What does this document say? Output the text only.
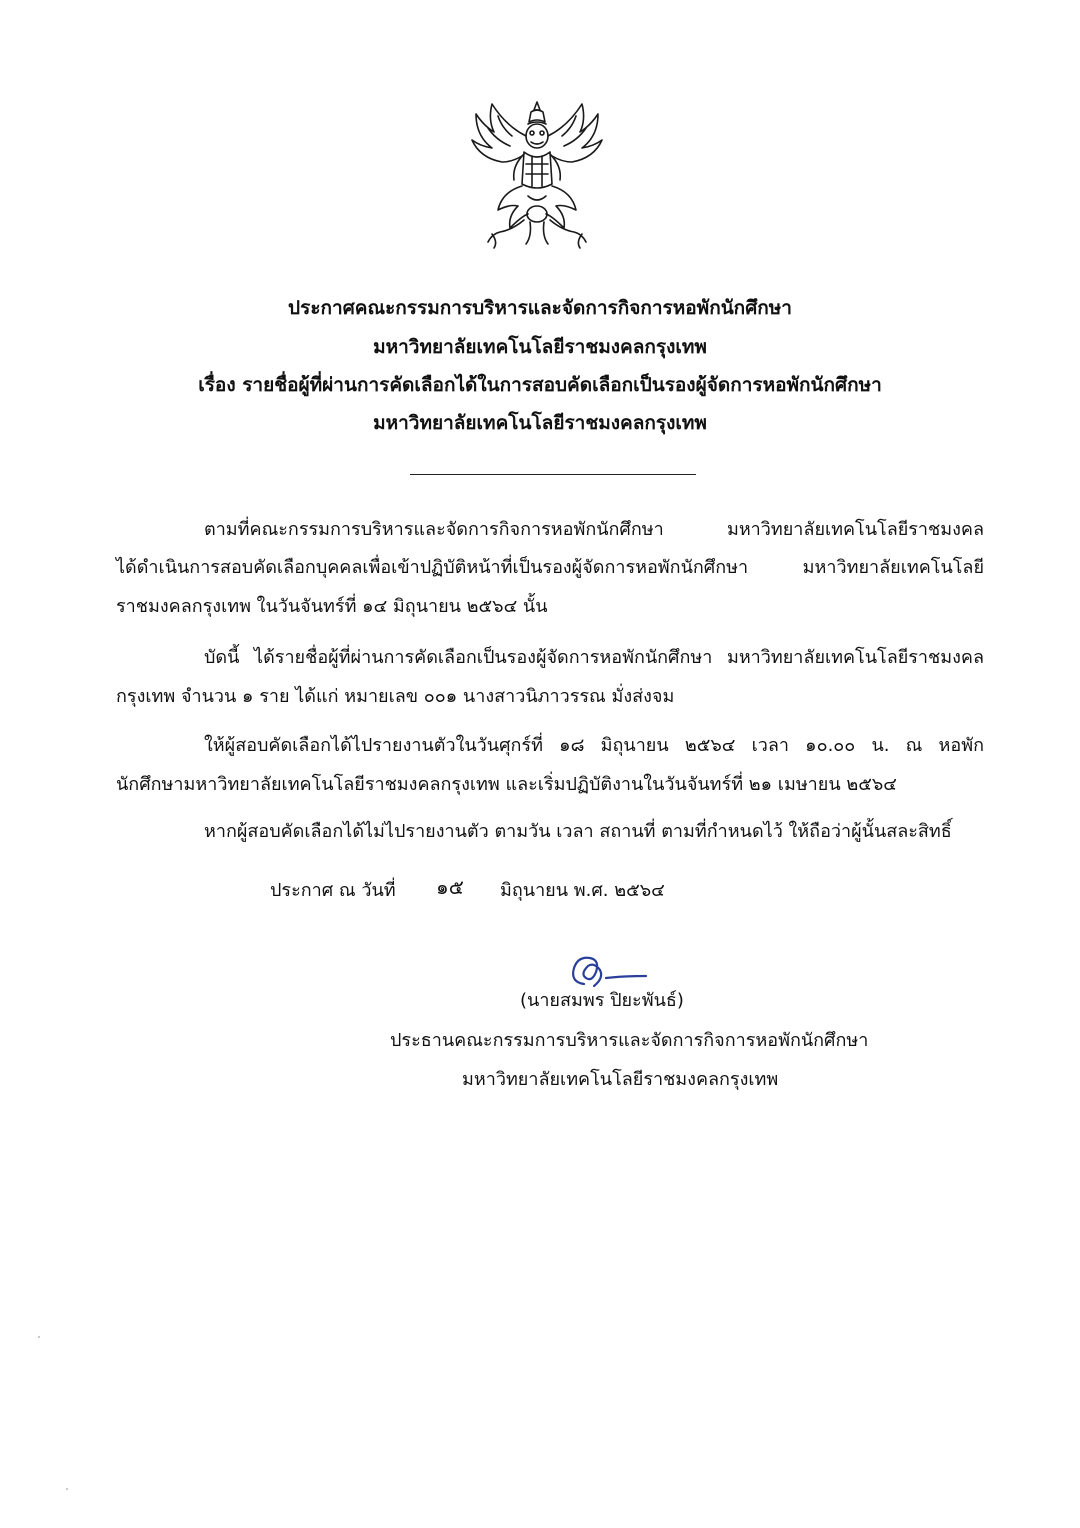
ประกาศคณะกรรมการบริหารและจัดการกิจการหอพักนักศึกษา
มหาวิทยาลัยเทคโนโลยีราชมงคลกรุงเทพ
เรื่อง รายชื่อผู้ที่ผ่านการคัดเลือกได้ในการสอบคัดเลือกเป็นรองผู้จัดการหอพักนักศึกษา
มหาวิทยาลัยเทคโนโลยีราชมงคลกรุงเทพ
ตามที่คณะกรรมการบริหารและจัดการกิจการหอพักนักศึกษา มหาวิทยาลัยเทคโนโลยีราชมงคล
ได้ดำเนินการสอบคัดเลือกบุคคลเพื่อเข้าปฏิบัติหน้าที่เป็นรองผู้จัดการหอพักนักศึกษา มหาวิทยาลัยเทคโนโลยี
ราชมงคลกรุงเทพ ในวันจันทร์ที่ ๑๔ มิถุนายน ๒๕๖๔ นั้น
บัดนี้ ได้รายชื่อผู้ที่ผ่านการคัดเลือกเป็นรองผู้จัดการหอพักนักศึกษา มหาวิทยาลัยเทคโนโลยีราชมงคล
กรุงเทพ จำนวน ๑ ราย ได้แก่ หมายเลข ๐๐๑ นางสาวนิภาวรรณ มั่งส่งจม
ให้ผู้สอบคัดเลือกได้ไปรายงานตัวในวันศุกร์ที่ ๑๘ มิถุนายน ๒๕๖๔ เวลา ๑๐.๐๐ น. ณ หอพัก
นักศึกษามหาวิทยาลัยเทคโนโลยีราชมงคลกรุงเทพ และเริ่มปฏิบัติงานในวันจันทร์ที่ ๒๑ เมษายน ๒๕๖๔
หากผู้สอบคัดเลือกได้ไม่ไปรายงานตัว ตามวัน เวลา สถานที่ ตามที่กำหนดไว้ ให้ถือว่าผู้นั้นสละสิทธิ์
ประกาศ ณ วันที่ ๑๕ มิถุนายน พ.ศ. ๒๕๖๔
(นายสมพร ปิยะพันธ์)
ประธานคณะกรรมการบริหารและจัดการกิจการหอพักนักศึกษา
มหาวิทยาลัยเทคโนโลยีราชมงคลกรุงเทพ
